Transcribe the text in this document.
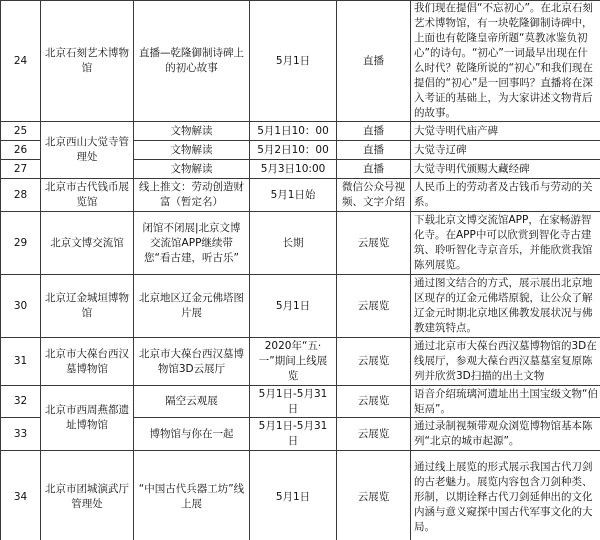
24	北京石刻艺术博物馆	直播—乾隆御制诗碑上的初心故事	5月1日	直播	我们现在提倡“不忘初心”。在北京石刻艺术博物馆，有一块乾隆御制诗碑中，上面也有乾隆皇帝所题“莫教冰鉴负初心”的诗句。“初心”一词最早出现在什么时代？乾隆所说的“初心”和我们现在提倡的“初心”是一回事吗？直播将在深入考证的基础上，为大家讲述文物背后的故事。	
25	北京西山大觉寺管理处	文物解读	5月1日10：00	直播	大觉寺明代庙产碑	
26		文物解读	5月2日10：00	直播	大觉寺辽碑	
27		文物解读	5月3日10:00	直播	大觉寺明代颁赐大藏经碑	
28	北京市古代钱币展览馆	线上推文：劳动创造财富（暂定名）	5月1日始	微信公众号视频、文字介绍	人民币上的劳动者及古钱币与劳动的关系。	
29	北京文博交流馆	闭馆不闭展|北京文博交流馆APP继续带您“看古建，听古乐”	长期	云展览	下载北京文博交流馆APP，在家畅游智化寺。在APP中可以欣赏到智化寺古建筑、聆听智化寺京音乐，并能欣赏我馆陈列展览。	
30	北京辽金城垣博物馆	北京地区辽金元佛塔图片展	5月1日	云展览	通过图文结合的方式，展示展出北京地区现存的辽金元佛塔原貌，让公众了解辽金元时期北京地区佛教发展状况与佛教建筑特点。	
31	北京市大葆台西汉墓博物馆	北京市大葆台西汉墓博物馆3D云展厅	2020年“五·一”期间上线展览	云展览	通过北京市大葆台西汉墓博物馆的3D在线展厅，参观大葆台西汉墓墓室复原陈列并欣赏3D扫描的出土文物	
32	北京市西周燕都遗址博物馆	隔空云观展	5月1日-5月31日	云展览	语音介绍琉璃河遗址出土国宝级文物“伯矩鬲”。	
33		博物馆与你在一起	5月1日-5月31日	云展览	通过录制视频带观众浏览博物馆基本陈列“北京的城市起源”。	
34	北京市团城演武厅管理处	“中国古代兵器工坊”线上展	5月1日	云展览	通过线上展览的形式展示我国古代刀剑的古老魅力。展览内容包含刀剑种类、形制，以期诠释古代刀剑延伸出的文化内涵与意义窥探中国古代军事文化的大局。	
